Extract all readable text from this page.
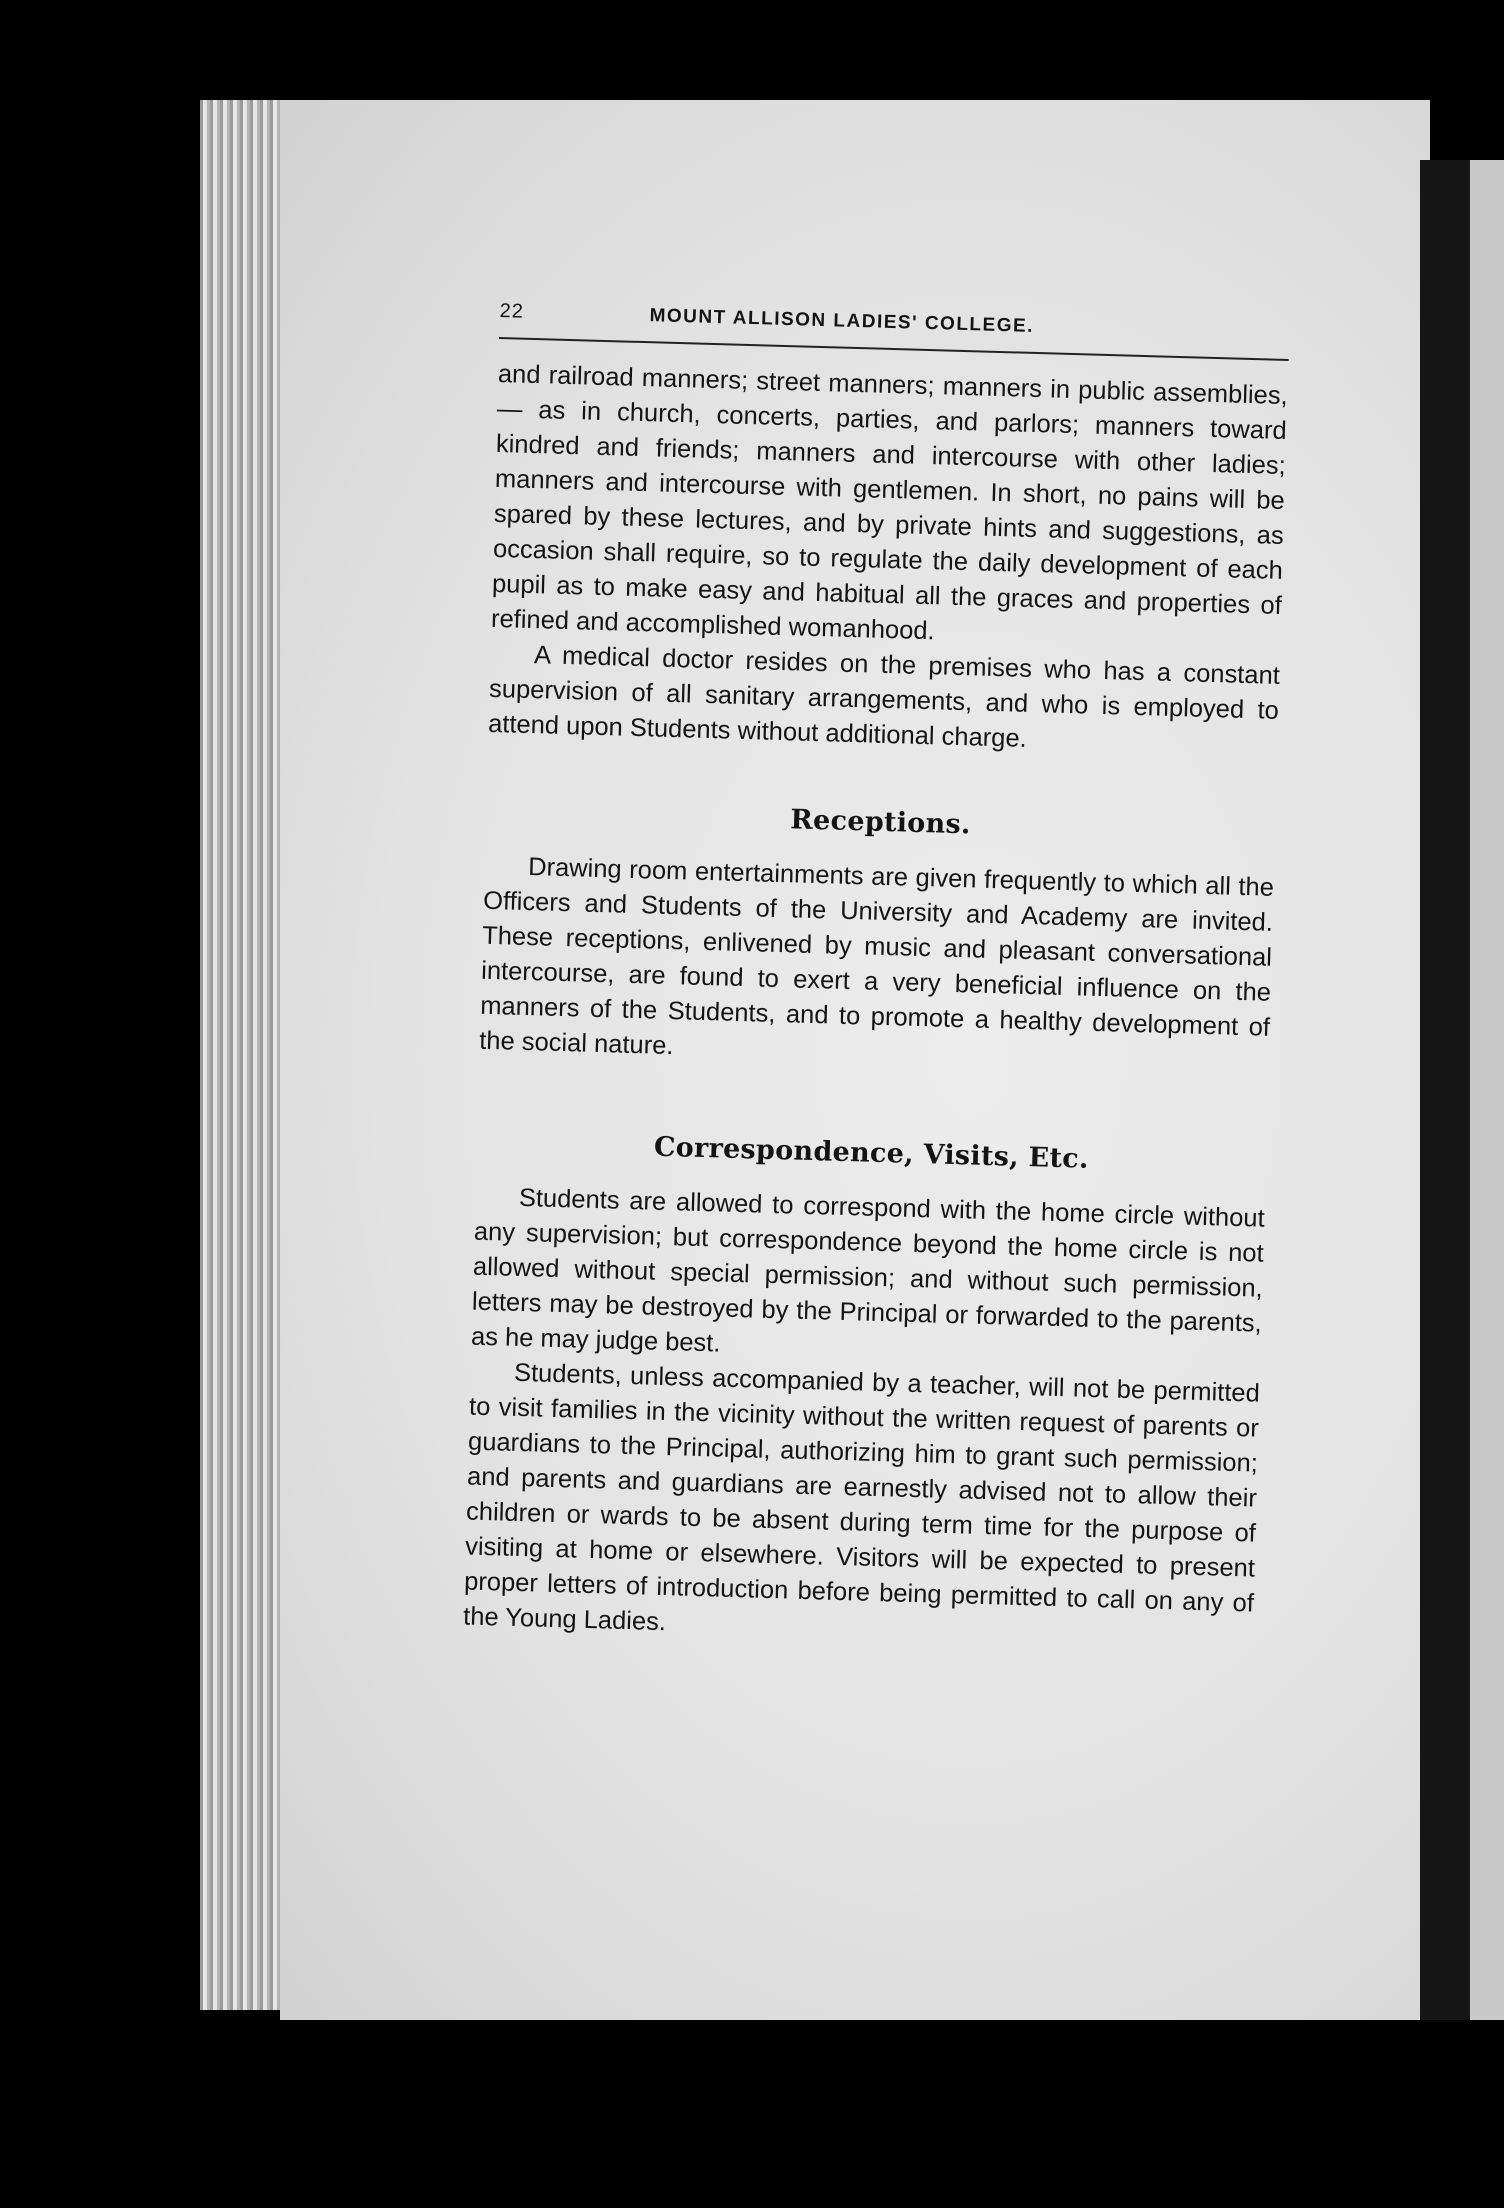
22	MOUNT ALLISON LADIES' COLLEGE.

and railroad manners; street manners; manners in public assemblies, — as in church, concerts, parties, and parlors; manners toward kindred and friends; manners and intercourse with other ladies; manners and intercourse with gentlemen. In short, no pains will be spared by these lectures, and by private hints and suggestions, as occasion shall require, so to regulate the daily development of each pupil as to make easy and habitual all the graces and properties of refined and accomplished womanhood.

A medical doctor resides on the premises who has a constant supervision of all sanitary arrangements, and who is employed to attend upon Students without additional charge.

Receptions.

Drawing room entertainments are given frequently to which all the Officers and Students of the University and Academy are invited. These receptions, enlivened by music and pleasant conversational intercourse, are found to exert a very beneficial influence on the manners of the Students, and to promote a healthy development of the social nature.

Correspondence, Visits, Etc.

Students are allowed to correspond with the home circle without any supervision; but correspondence beyond the home circle is not allowed without special permission; and without such permission, letters may be destroyed by the Principal or forwarded to the parents, as he may judge best.

Students, unless accompanied by a teacher, will not be permitted to visit families in the vicinity without the written request of parents or guardians to the Principal, authorizing him to grant such permission; and parents and guardians are earnestly advised not to allow their children or wards to be absent during term time for the purpose of visiting at home or elsewhere. Visitors will be expected to present proper letters of introduction before being permitted to call on any of the Young Ladies.
